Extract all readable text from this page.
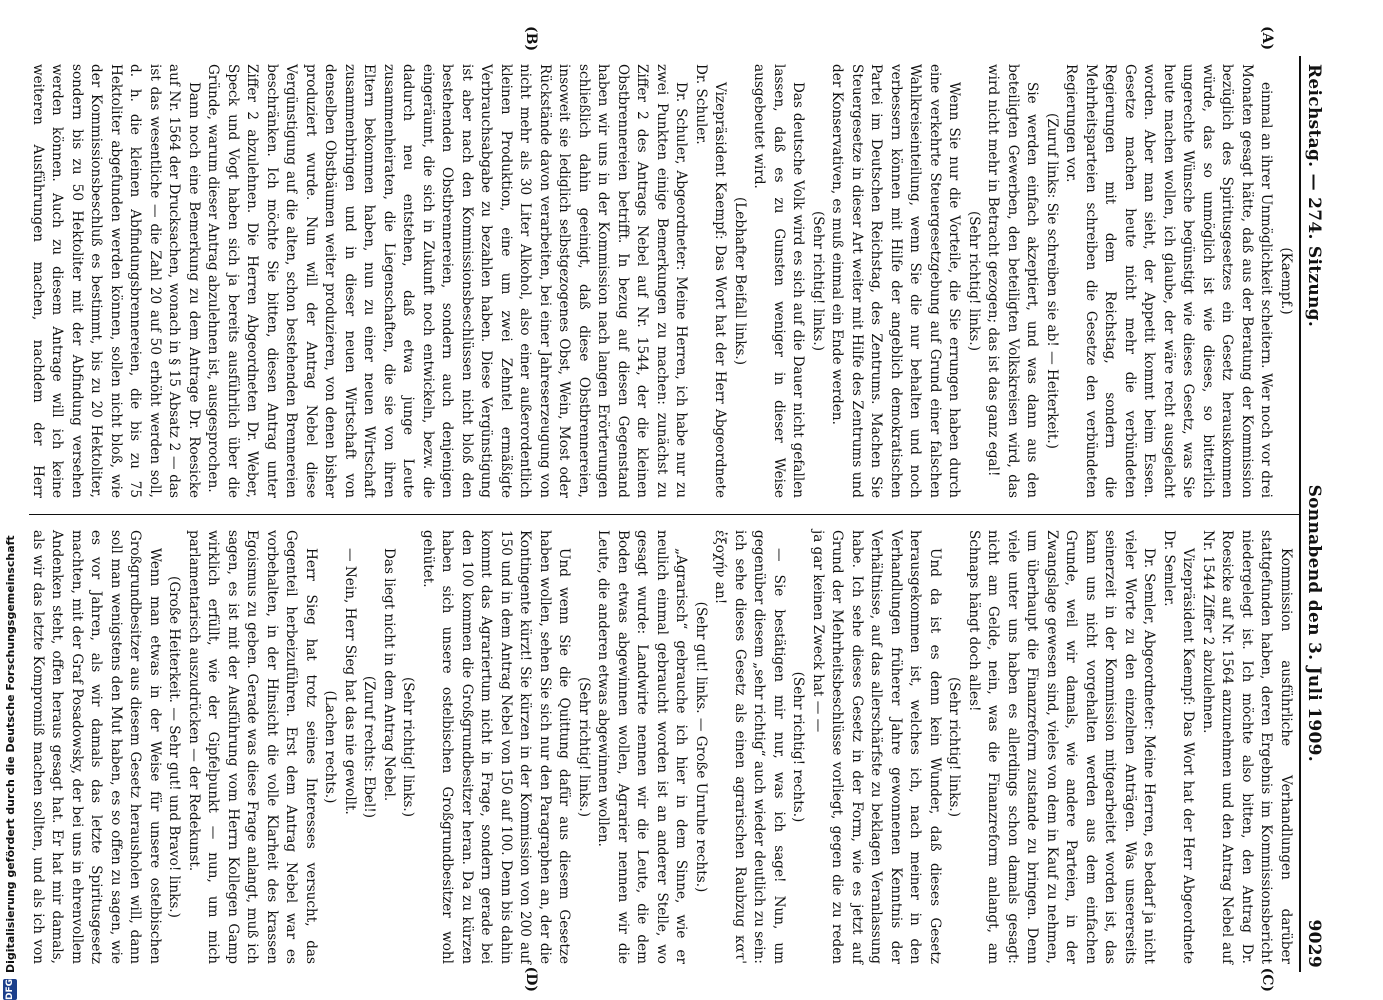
Reichstag. — 274. Sitzung.
Sonnabend den 3. Juli 1909.
9029
(A)
(B)
(C)
(D)

(Kaempf.)

einmal an ihrer Unmöglichkeit scheitern. Wer noch vor drei Monaten gesagt hätte, daß aus der Beratung der Kommission bezüglich des Spiritusgesetzes ein Gesetz herauskommen würde, das so unmöglich ist wie dieses, so bitterlich ungerechte Wünsche begünstigt wie dieses Gesetz, was Sie heute machen wollen, ich glaube, der wäre recht ausgelacht worden. Aber man sieht, der Appetit kommt beim Essen. Gesetze machen heute nicht mehr die verbündeten Regierungen mit dem Reichstag, sondern die Mehrheitsparteien schreiben die Gesetze den verbündeten Regierungen vor.

(Zuruf links: Sie schreiben sie ab! — Heiterkeit.)

Sie werden einfach akzeptiert, und was dann aus den beteiligten Gewerben, den beteiligten Volkskreisen wird, das wird nicht mehr in Betracht gezogen; das ist das ganz egal!

(Sehr richtig! links.)

Wenn Sie nur die Vorteile, die Sie errungen haben durch eine verkehrte Steuergesetzgebung auf Grund einer falschen Wahlkreiseinteilung, wenn Sie die nur behalten und noch verbessern können mit Hilfe der angeblich demokratischen Partei im Deutschen Reichstag, des Zentrums. Machen Sie Steuergesetze in dieser Art weiter mit Hilfe des Zentrums und der Konservativen, es muß einmal ein Ende werden.

(Sehr richtig! links.)

Das deutsche Volk wird es sich auf die Dauer nicht gefallen lassen, daß es zu Gunsten weniger in dieser Weise ausgebeutet wird.

(Lebhafter Beifall links.)

Vizepräsident Kaempf: Das Wort hat der Herr Abgeordnete Dr. Schuler.

Dr. Schuler, Abgeordneter: Meine Herren, ich habe nur zu zwei Punkten einige Bemerkungen zu machen: zunächst zu Ziffer 2 des Antrags Nebel auf Nr. 1544, der die kleinen Obstbrennereien betrifft. In bezug auf diesen Gegenstand haben wir uns in der Kommission nach langen Erörterungen schließlich dahin geeinigt, daß diese Obstbrennereien, insoweit sie lediglich selbstgezogenes Obst, Wein, Most oder Rückstände davon verarbeiten, bei einer Jahreserzeugung von nicht mehr als 30 Liter Alkohol, also einer außerordentlich kleinen Produktion, eine um zwei Zehntel ermäßigte Verbrauchsabgabe zu bezahlen haben. Diese Vergünstigung ist aber nach den Kommissionsbeschlüssen nicht bloß den bestehenden Obstbrennereien, sondern auch denjenigen eingeräumt, die sich in Zukunft noch entwickeln, bezw. die dadurch neu entstehen, daß etwa junge Leute zusammenheiraten, die Liegenschaften, die sie von ihren Eltern bekommen haben, nun zu einer neuen Wirtschaft zusammenbringen und in dieser neuen Wirtschaft von denselben Obstbäumen weiter produzieren, von denen bisher produziert wurde. Nun will der Antrag Nebel diese Vergünstigung auf die alten, schon bestehenden Brennereien beschränken. Ich möchte Sie bitten, diesen Antrag unter Ziffer 2 abzulehnen. Die Herren Abgeordneten Dr. Weber, Speck und Vogt haben sich ja bereits ausführlich über die Gründe, warum dieser Antrag abzulehnen ist, ausgesprochen.

Dann noch eine Bemerkung zu dem Antrage Dr. Roesicke auf Nr. 1564 der Drucksachen, wonach in § 15 Absatz 2 — das ist das wesentliche — die Zahl 20 auf 50 erhöht werden soll, d. h. die kleinen Abfindungsbrennereien, die bis zu 75 Hektoliter abgefunden werden können, sollen nicht bloß, wie der Kommissionsbeschluß es bestimmt, bis zu 20 Hektoliter, sondern bis zu 50 Hektoliter mit der Abfindung versehen werden können. Auch zu diesem Antrage will ich keine weiteren Ausführungen machen, nachdem der Herr

Kommission ausführliche Verhandlungen darüber stattgefunden haben, deren Ergebnis im Kommissionsbericht niedergelegt ist. Ich möchte also bitten, den Antrag Dr. Roesicke auf Nr. 1564 anzunehmen und den Antrag Nebel auf Nr. 1544 Ziffer 2 abzulehnen.

Vizepräsident Kaempf: Das Wort hat der Herr Abgeordnete Dr. Semler.

Dr. Semler, Abgeordneter: Meine Herren, es bedarf ja nicht vieler Worte zu den einzelnen Anträgen. Was unsererseits seinerzeit in der Kommission mitgearbeitet worden ist, das kann uns nicht vorgehalten werden aus dem einfachen Grunde, weil wir damals, wie andere Parteien, in der Zwangslage gewesen sind, vieles von dem in Kauf zu nehmen, um überhaupt die Finanzreform zustande zu bringen. Denn viele unter uns haben es allerdings schon damals gesagt: nicht am Gelde, nein, was die Finanzreform anlangt, am Schnaps hängt doch alles!

(Sehr richtig! links.)

Und da ist es denn kein Wunder, daß dieses Gesetz herausgekommen ist, welches ich, nach meiner in den Verhandlungen früherer Jahre gewonnenen Kenntnis der Verhältnisse, auf das allerschärfste zu beklagen Veranlassung habe. Ich sehe dieses Gesetz in der Form, wie es jetzt auf Grund der Mehrheitsbeschlüsse vorliegt, gegen die zu reden ja gar keinen Zweck hat — —

(Sehr richtig! rechts.)

— Sie bestätigen mir nur, was ich sage! Nun, um gegenüber diesem „sehr richtig“ auch wieder deutlich zu sein: ich sehe dieses Gesetz als einen agrarischen Raubzug κατ' ἐξοχήν an!

(Sehr gut! links. — Große Unruhe rechts.)

„Agrarisch“ gebrauche ich hier in dem Sinne, wie er neulich einmal gebraucht worden ist an anderer Stelle, wo gesagt wurde: Landwirte nennen wir die Leute, die dem Boden etwas abgewinnen wollen, Agrarier nennen wir die Leute, die anderen etwas abgewinnen wollen.

(Sehr richtig! links.)

Und wenn Sie die Quittung dafür aus diesem Gesetze haben wollen, sehen Sie sich nur den Paragraphen an, der die Kontingente kürzt! Sie kürzen in der Kommission von 200 auf 150 und in dem Antrag Nebel von 150 auf 100. Denn bis dahin kommt das Agrariertum nicht in Frage, sondern gerade bei den 100 kommen die Großgrundbesitzer heran. Da zu kürzen haben sich unsere ostelbischen Großgrundbesitzer wohl gehütet.

(Sehr richtig! links.)

Das liegt nicht in dem Antrag Nebel.

(Zuruf rechts: Ebel!)

— Nein, Herr Sieg hat das nie gewollt.

(Lachen rechts.)

Herr Sieg hat trotz seines Interesses versucht, das Gegenteil herbeizuführen. Erst dem Antrag Nebel war es vorbehalten, in der Hinsicht die volle Klarheit des krassen Egoismus zu geben. Gerade was diese Frage anlangt, muß ich sagen, es ist mit der Ausführung vom Herrn Kollegen Gamp wirklich erfüllt, wie der Gipfelpunkt — nun, um mich parlamentarisch auszudrücken — der Redekunst.

(Große Heiterkeit. — Sehr gut! und Bravo! links.)

Wenn man etwas in der Weise für unsere ostelbischen Großgrundbesitzer aus diesem Gesetz herausholen will, dann soll man wenigstens den Mut haben, es so offen zu sagen, wie es vor Jahren, als wir damals das letzte Spiritusgesetz machten, mit der Graf Posadowsky, der bei uns in ehrenvollem Andenken steht, offen heraus gesagt hat. Er hat mir damals, als wir das letzte Kompromiß machen sollten, und als ich von

DFG
Digitalisierung gefördert durch die Deutsche Forschungsgemeinschaft
